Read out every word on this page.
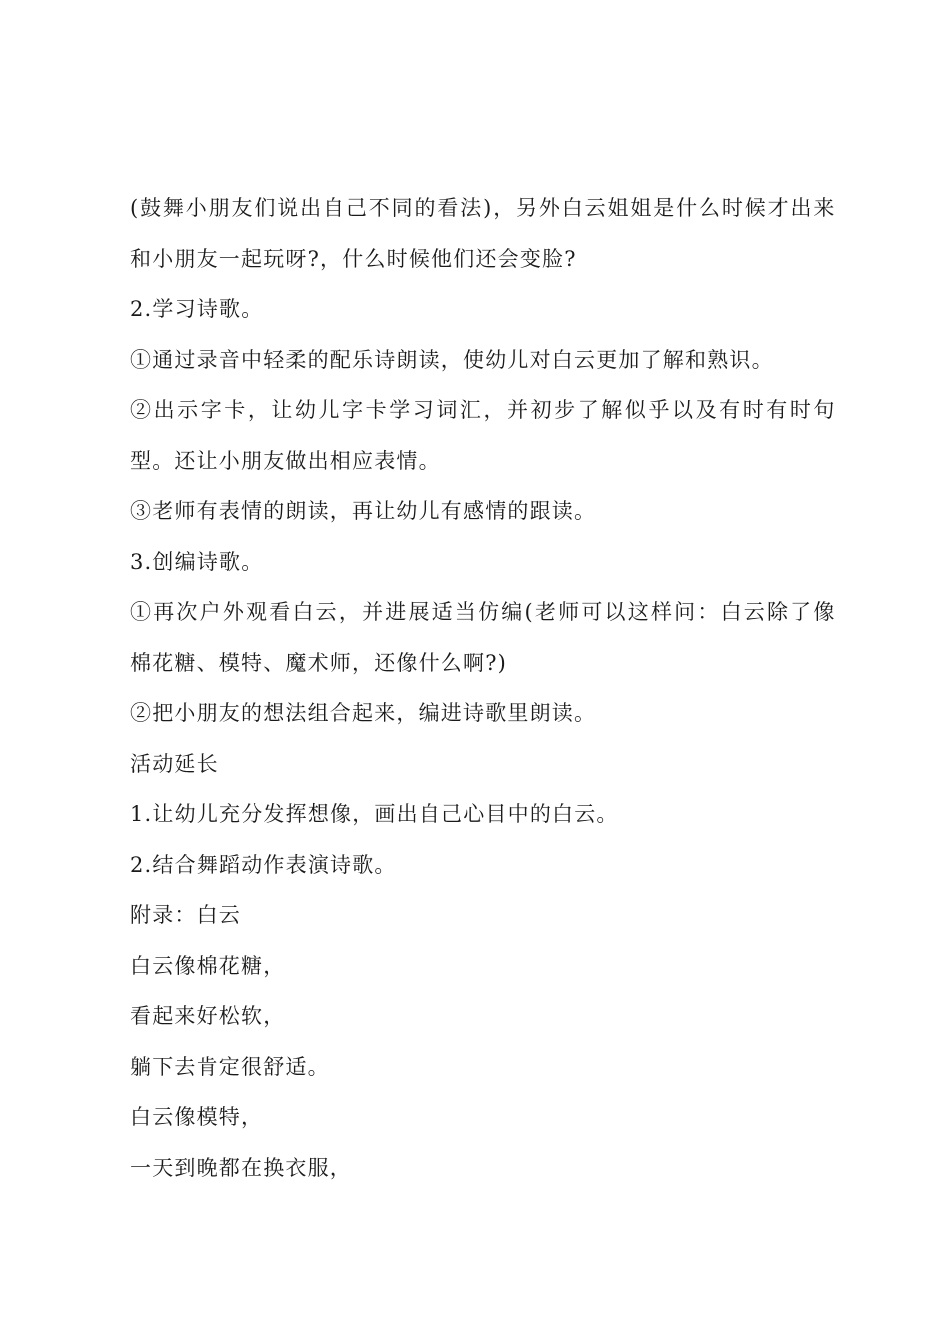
(鼓舞小朋友们说出自己不同的看法)，另外白云姐姐是什么时候才出来
和小朋友一起玩呀?，什么时候他们还会变脸?
2.学习诗歌。
①通过录音中轻柔的配乐诗朗读，使幼儿对白云更加了解和熟识。
②出示字卡，让幼儿字卡学习词汇，并初步了解似乎以及有时有时句
型。还让小朋友做出相应表情。
③老师有表情的朗读，再让幼儿有感情的跟读。
3.创编诗歌。
①再次户外观看白云，并进展适当仿编(老师可以这样问：白云除了像
棉花糖、模特、魔术师，还像什么啊?)
②把小朋友的想法组合起来，编进诗歌里朗读。
活动延长
1.让幼儿充分发挥想像，画出自己心目中的白云。
2.结合舞蹈动作表演诗歌。
附录：白云
白云像棉花糖，
看起来好松软，
躺下去肯定很舒适。
白云像模特，
一天到晚都在换衣服，
